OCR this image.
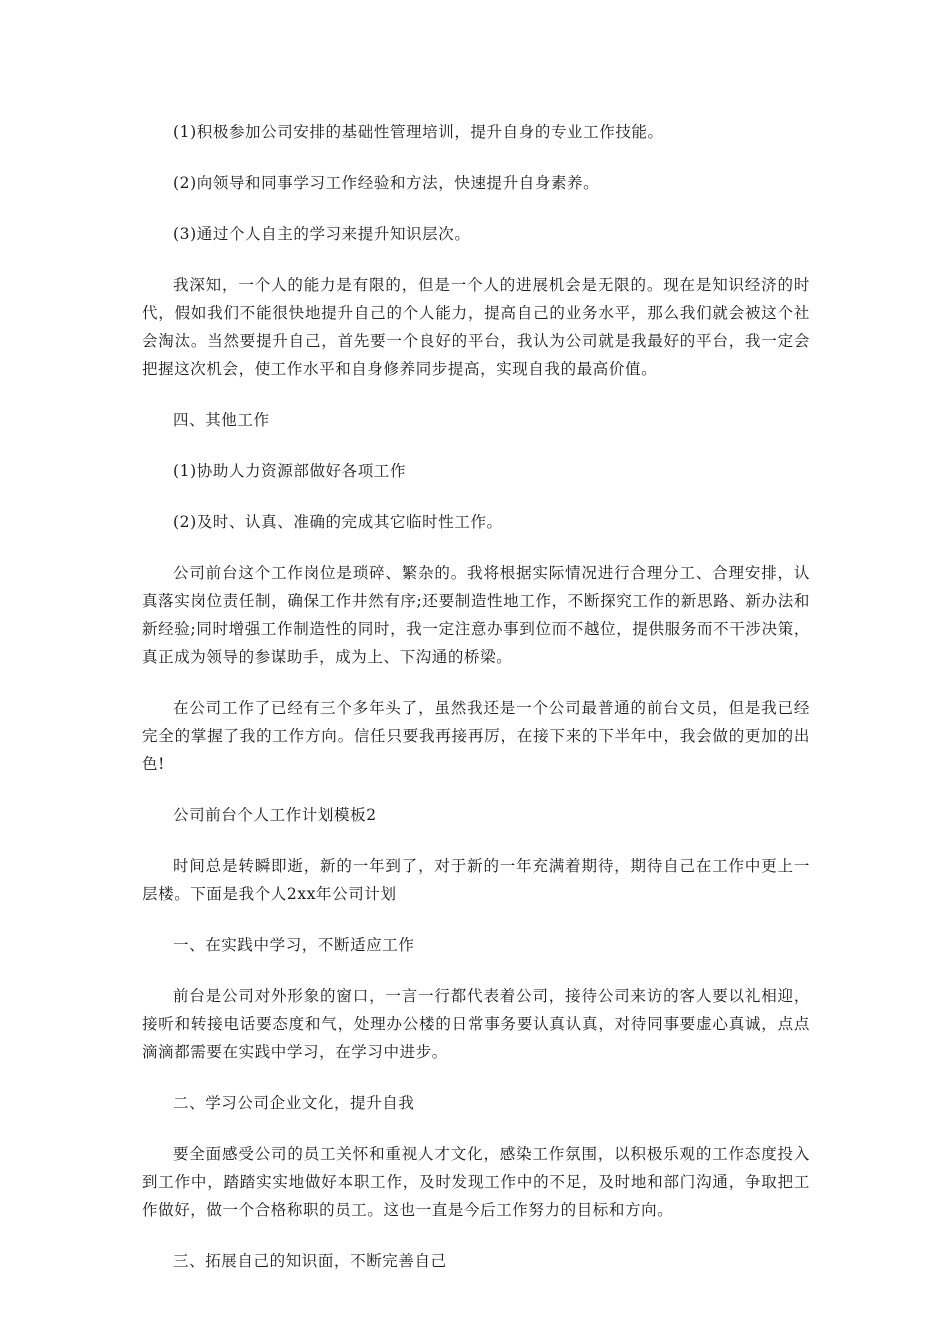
(1)积极参加公司安排的基础性管理培训，提升自身的专业工作技能。

(2)向领导和同事学习工作经验和方法，快速提升自身素养。

(3)通过个人自主的学习来提升知识层次。

我深知，一个人的能力是有限的，但是一个人的进展机会是无限的。现在是知识经济的时代，假如我们不能很快地提升自己的个人能力，提高自己的业务水平，那么我们就会被这个社会淘汰。当然要提升自己，首先要一个良好的平台，我认为公司就是我最好的平台，我一定会把握这次机会，使工作水平和自身修养同步提高，实现自我的最高价值。

四、其他工作

(1)协助人力资源部做好各项工作

(2)及时、认真、准确的完成其它临时性工作。

公司前台这个工作岗位是琐碎、繁杂的。我将根据实际情况进行合理分工、合理安排，认真落实岗位责任制，确保工作井然有序;还要制造性地工作，不断探究工作的新思路、新办法和新经验;同时增强工作制造性的同时，我一定注意办事到位而不越位，提供服务而不干涉决策，真正成为领导的参谋助手，成为上、下沟通的桥梁。

在公司工作了已经有三个多年头了，虽然我还是一个公司最普通的前台文员，但是我已经完全的掌握了我的工作方向。信任只要我再接再厉，在接下来的下半年中，我会做的更加的出色!

公司前台个人工作计划模板2

时间总是转瞬即逝，新的一年到了，对于新的一年充满着期待，期待自己在工作中更上一层楼。下面是我个人2xx年公司计划

一、在实践中学习，不断适应工作

前台是公司对外形象的窗口，一言一行都代表着公司，接待公司来访的客人要以礼相迎，接听和转接电话要态度和气，处理办公楼的日常事务要认真认真，对待同事要虚心真诚，点点滴滴都需要在实践中学习，在学习中进步。

二、学习公司企业文化，提升自我

要全面感受公司的员工关怀和重视人才文化，感染工作氛围，以积极乐观的工作态度投入到工作中，踏踏实实地做好本职工作，及时发现工作中的不足，及时地和部门沟通，争取把工作做好，做一个合格称职的员工。这也一直是今后工作努力的目标和方向。

三、拓展自己的知识面，不断完善自己
